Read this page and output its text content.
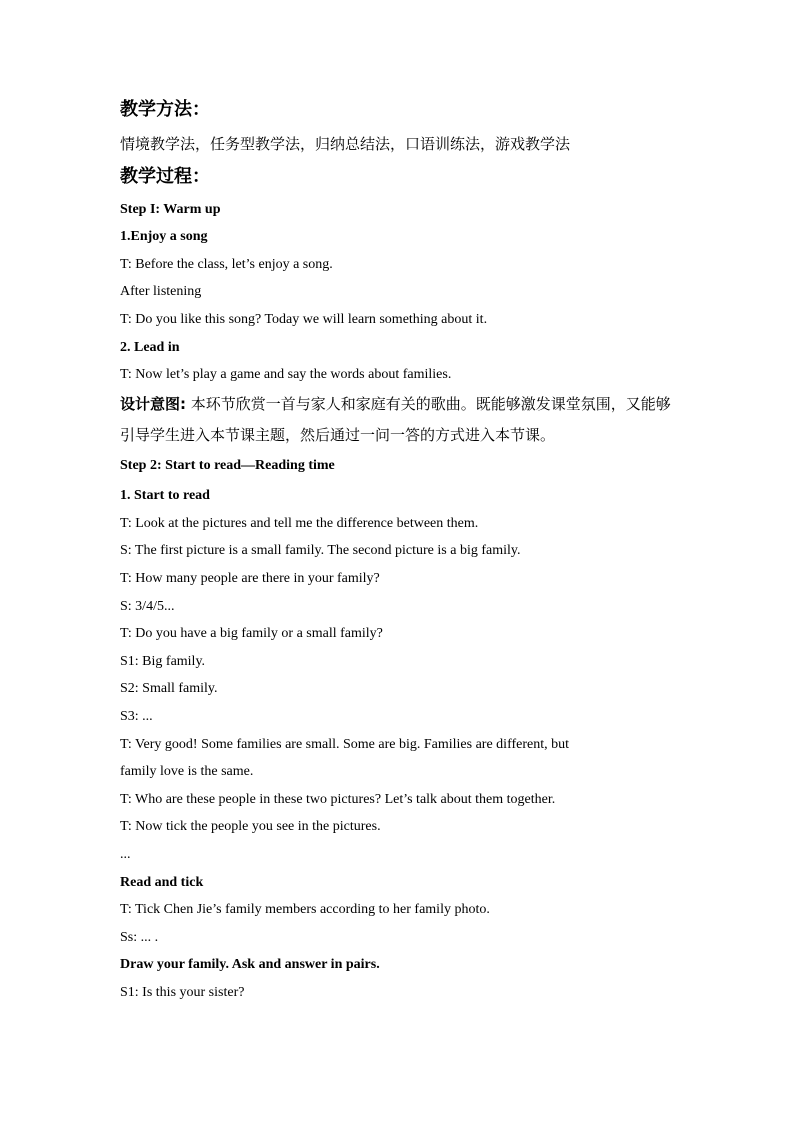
教学方法：
情境教学法，任务型教学法，归纳总结法，口语训练法，游戏教学法
教学过程：
Step I: Warm up
1.Enjoy a song
T: Before the class, let’s enjoy a song.
After listening
T: Do you like this song? Today we will learn something about it.
2. Lead in
T: Now let’s play a game and say the words about families.
设计意图: 本环节欣赏一首与家人和家庭有关的歌曲。既能够激发课堂氛围，又能够引导学生进入本节课主题，然后通过一问一答的方式进入本节课。
Step 2: Start to read—Reading time
1. Start to read
T: Look at the pictures and tell me the difference between them.
S: The first picture is a small family. The second picture is a big family.
T: How many people are there in your family?
S: 3/4/5...
T: Do you have a big family or a small family?
S1: Big family.
S2: Small family.
S3: ...
T: Very good! Some families are small. Some are big. Families are different, but
family love is the same.
T: Who are these people in these two pictures? Let’s talk about them together.
T: Now tick the people you see in the pictures.
...
Read and tick
T: Tick Chen Jie’s family members according to her family photo.
Ss: ... .
Draw your family. Ask and answer in pairs.
S1: Is this your sister?
